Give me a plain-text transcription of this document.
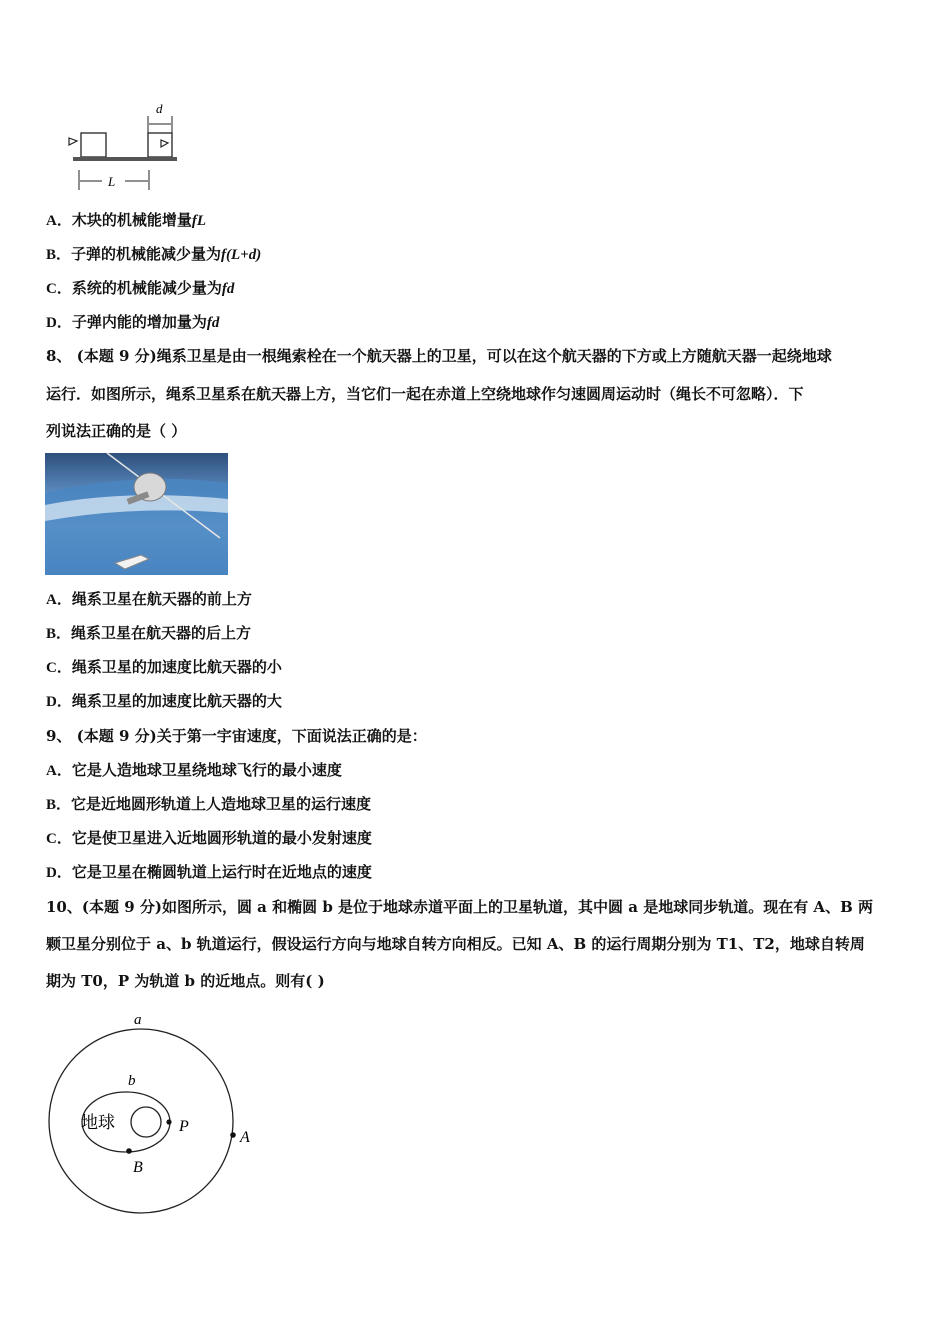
d
L
A．木块的机械能增量fL
B．子弹的机械能减少量为f(L+d)
C．系统的机械能减少量为fd
D．子弹内能的增加量为fd
8、 (本题 9 分)绳系卫星是由一根绳索栓在一个航天器上的卫星，可以在这个航天器的下方或上方随航天器一起绕地球
运行．如图所示，绳系卫星系在航天器上方，当它们一起在赤道上空绕地球作匀速圆周运动时（绳长不可忽略）．下
列说法正确的是（ ）
A．绳系卫星在航天器的前上方
B．绳系卫星在航天器的后上方
C．绳系卫星的加速度比航天器的小
D．绳系卫星的加速度比航天器的大
9、 (本题 9 分)关于第一宇宙速度，下面说法正确的是：
A．它是人造地球卫星绕地球飞行的最小速度
B．它是近地圆形轨道上人造地球卫星的运行速度
C．它是使卫星进入近地圆形轨道的最小发射速度
D．它是卫星在椭圆轨道上运行时在近地点的速度
10、(本题 9 分)如图所示，圆 a 和椭圆 b 是位于地球赤道平面上的卫星轨道，其中圆 a 是地球同步轨道。现在有 A、B 两
颗卫星分别位于 a、b 轨道运行，假设运行方向与地球自转方向相反。已知 A、B 的运行周期分别为 T1、T2，地球自转周
期为 T0，P 为轨道 b 的近地点。则有( )
a
b
地球	P
A
B
